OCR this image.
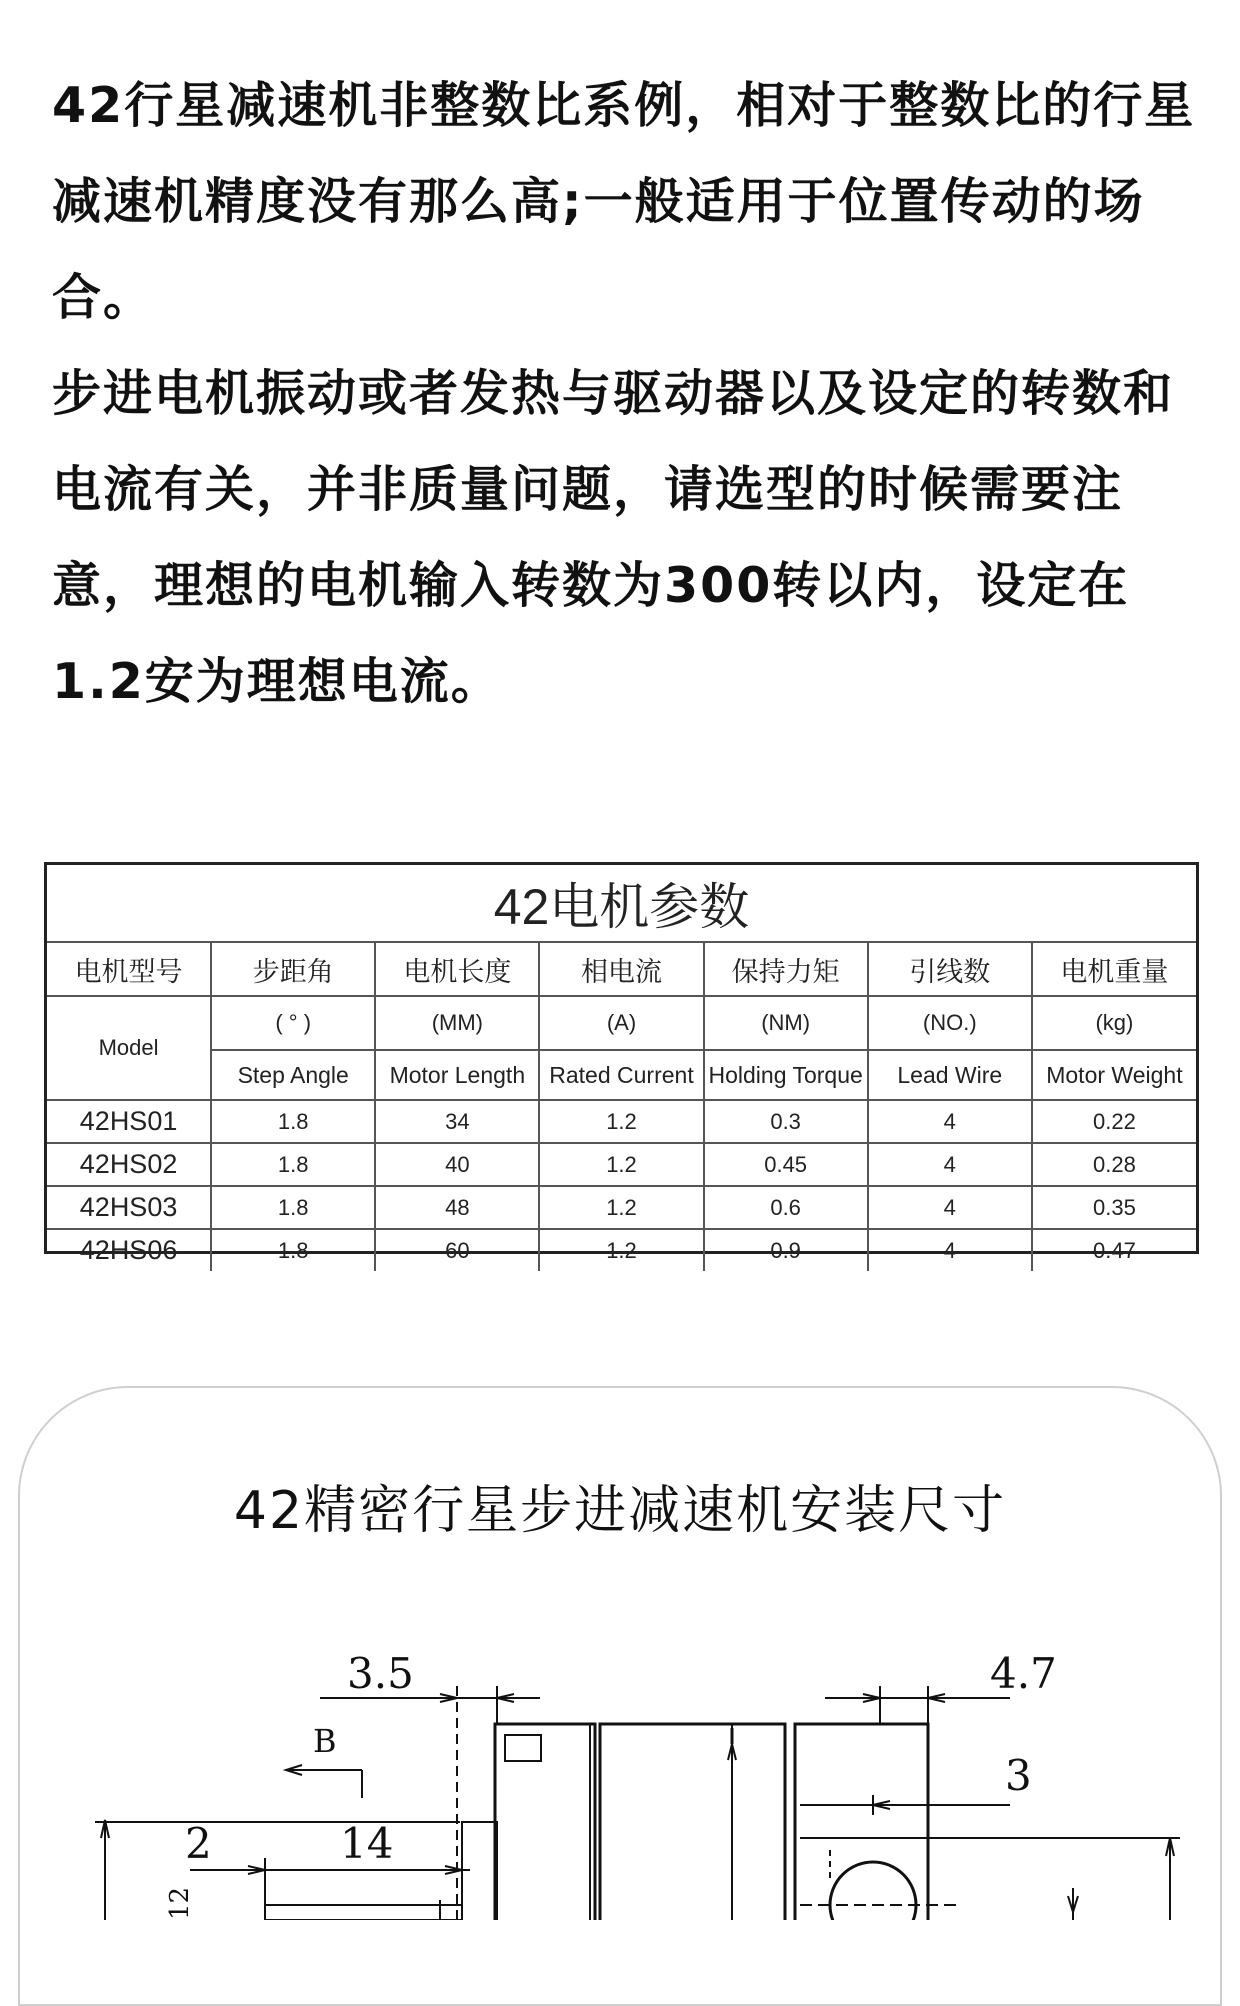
42行星减速机非整数比系例，相对于整数比的行星减速机精度没有那么高;一般适用于位置传动的场合。

步进电机振动或者发热与驱动器以及设定的转数和电流有关，并非质量问题，请选型的时候需要注意，理想的电机输入转数为300转以内，设定在1.2安为理想电流。

42电机参数						
电机型号	步距角	电机长度	相电流	保持力矩	引线数	电机重量
Model	( ° )	(MM)	(A)	(NM)	(NO.)	(kg)
	Step Angle	Motor Length	Rated Current	Holding Torque	Lead Wire	Motor Weight
42HS01	1.8	34	1.2	0.3	4	0.22
42HS02	1.8	40	1.2	0.45	4	0.28
42HS03	1.8	48	1.2	0.6	4	0.35
42HS06	1.8	60	1.2	0.9	4	0.47
42精密行星步进减速机安装尺寸
3.5	4.7
3
B
2	14
12
